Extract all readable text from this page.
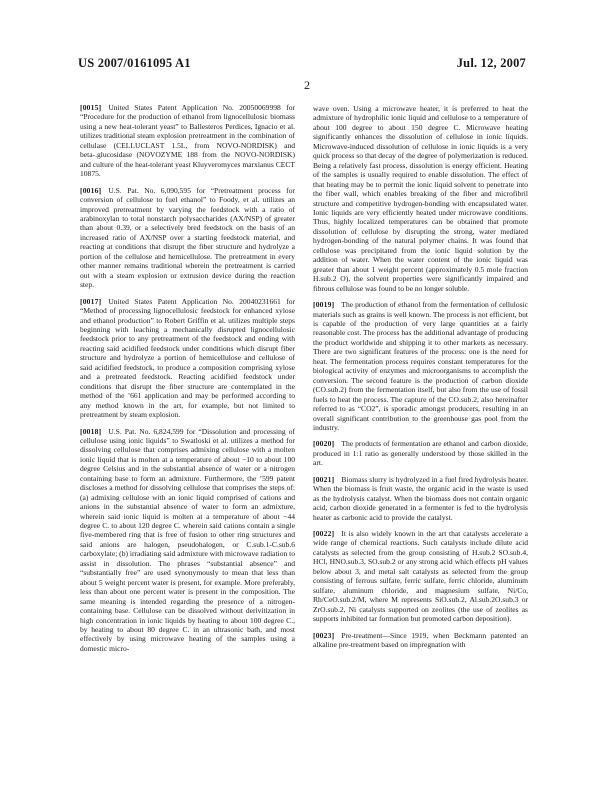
US 2007/0161095 A1	Jul. 12, 2007
2

[0015] United States Patent Application No. 20050069998 for “Procedure for the production of ethanol from lignocellulosic biomass using a new heat-tolerant yeast” to Ballesteros Perdices, Ignacio et al. utilizes traditional steam explosion pretreatment in the combination of cellulase (CELLUCLAST 1.5L, from NOVO-NORDISK) and beta-.glucosidase (NOVOZYME 188 from the NOVO-NORDISK) and culture of the heat-tolerant yeast Kluyveromyces marxianus CECT 10875.

[0016] U.S. Pat. No. 6,090,595 for “Pretreatment process for conversion of cellulose to fuel ethanol” to Foody, et al. utilizes an improved pretreatment by varying the feedstock with a ratio of arabinoxylan to total nonstarch polysaccharides (AX/NSP) of greater than about 0.39, or a selectively bred feedstock on the basis of an increased ratio of AX/NSP over a starting feedstock material, and reacting at conditions that disrupt the fiber structure and hydrolyze a portion of the cellulose and hemicellulose. The pretreatment in every other manner remains traditional wherein the pretreatment is carried out with a steam explosion or extrusion device during the reaction step.

[0017] United States Patent Application No. 20040231661 for “Method of processing lignocellulosic feedstock for enhanced xylose and ethanol production” to Robert Griffin et al. utilizes multiple steps beginning with leaching a mechanically disrupted lignocellulosic feedstock prior to any pretreatment of the feedstock and ending with reacting said acidified feedstock under conditions which disrupt fiber structure and hydrolyze a portion of hemicellulose and cellulose of said acidified feedstock, to produce a composition comprising xylose and a pretreated feedstock. Reacting acidified feedstock under conditions that disrupt the fiber structure are contemplated in the method of the ’661 application and may be performed according to any method known in the art, for example, but not limited to pretreatment by steam explosion.

[0018] U.S. Pat. No. 6,824,599 for “Dissolution and processing of cellulose using ionic liquids” to Swatloski et al. utilizes a method for dissolving cellulose that comprises admixing cellulose with a molten ionic liquid that is molten at a temperature of about −10 to about 100 degree Celsius and in the substantial absence of water or a nitrogen containing base to form an admixture. Furthermore, the ’599 patent discloses a method for dissolving cellulose that comprises the steps of: (a) admixing cellulose with an ionic liquid comprised of cations and anions in the substantial absence of water to form an admixture, wherein said ionic liquid is molten at a temperature of about −44 degree C. to about 120 degree C. wherein said cations contain a single five-membered ring that is free of fusion to other ring structures and said anions are halogen, pseudohalogen, or C.sub.1-C.sub.6 carboxylate; (b) irradiating said admixture with microwave radiation to assist in dissolution. The phrases “substantial absence” and “substantially free” are used synonymously to mean that less than about 5 weight percent water is present, for example. More preferably, less than about one percent water is present in the composition. The same meaning is intended regarding the presence of a nitrogen-containing base. Cellulose can be dissolved without derivitization in high concentration in ionic liquids by heating to about 100 degree C., by heating to about 80 degree C. in an ultrasonic bath, and most effectively by using microwave heating of the samples using a domestic micro-

wave oven. Using a microwave heater, it is preferred to heat the admixture of hydrophilic ionic liquid and cellulose to a temperature of about 100 degree to about 150 degree C. Microwave heating significantly enhances the dissolution of cellulose in ionic liquids. Microwave-induced dissolution of cellulose in ionic liquids is a very quick process so that decay of the degree of polymerization is reduced. Being a relatively fast process, dissolution is energy efficient. Heating of the samples is usually required to enable dissolution. The effect of that heating may be to permit the ionic liquid solvent to penetrate into the fiber wall, which enables breaking of the fiber and microfibril structure and competitive hydrogen-bonding with encapsulated water. Ionic liquids are very efficiently heated under microwave conditions. Thus, highly localized temperatures can be obtained that promote dissolution of cellulose by disrupting the strong, water mediated hydrogen-bonding of the natural polymer chains. It was found that cellulose was precipitated from the ionic liquid solution by the addition of water. When the water content of the ionic liquid was greater than about 1 weight percent (approximately 0.5 mole fraction H.sub.2 O), the solvent properties were significantly impaired and fibrous cellulose was found to be no longer soluble.

[0019] The production of ethanol from the fermentation of cellulosic materials such as grains is well known. The process is not efficient, but is capable of the production of very large quantities at a fairly reasonable cost. The process has the additional advantage of producing the product worldwide and shipping it to other markets as necessary. There are two significant features of the process: one is the need for heat. The fermentation process requires constant temperatures for the biological activity of enzymes and microorganisms to accomplish the conversion. The second feature is the production of carbon dioxide (CO.sub.2) from the fermentation itself, but also from the use of fossil fuels to heat the process. The capture of the CO.sub.2, also hereinafter referred to as “CO2”, is sporadic amongst producers, resulting in an overall significant contribution to the greenhouse gas pool from the industry.

[0020] The products of fermentation are ethanol and carbon dioxide, produced in 1:1 ratio as generally understood by those skilled in the art.

[0021] Biomass slurry is hydrolyzed in a fuel fired hydrolysis heater. When the biomass is fruit waste, the organic acid in the waste is used as the hydrolysis catalyst. When the biomass does not contain organic acid, carbon dioxide generated in a fermenter is fed to the hydrolysis heater as carbonic acid to provide the catalyst.

[0022] It is also widely known in the art that catalysts accelerate a wide range of chemical reactions. Such catalysts include dilute acid catalysts as selected from the group consisting of H.sub.2 SO.sub.4, HCl, HNO.sub.3, SO.sub.2 or any strong acid which effects pH values below about 3, and metal salt catalysts as selected from the group consisting of ferrous sulfate, ferric sulfate, ferric chloride, aluminum sulfate, aluminum chloride, and magnesium sulfate, Ni/Co, Rh/CeO.sub.2/M, where M represents SiO.sub.2, Al.sub.2O.sub.3 or ZrO.sub.2, Ni catalysts supported on zeolites (the use of zeolites as supports inhibited tar formation but promoted carbon deposition).

[0023] Pre-treatment—Since 1919, when Beckmann patented an alkaline pre-treatment based on impregnation with
